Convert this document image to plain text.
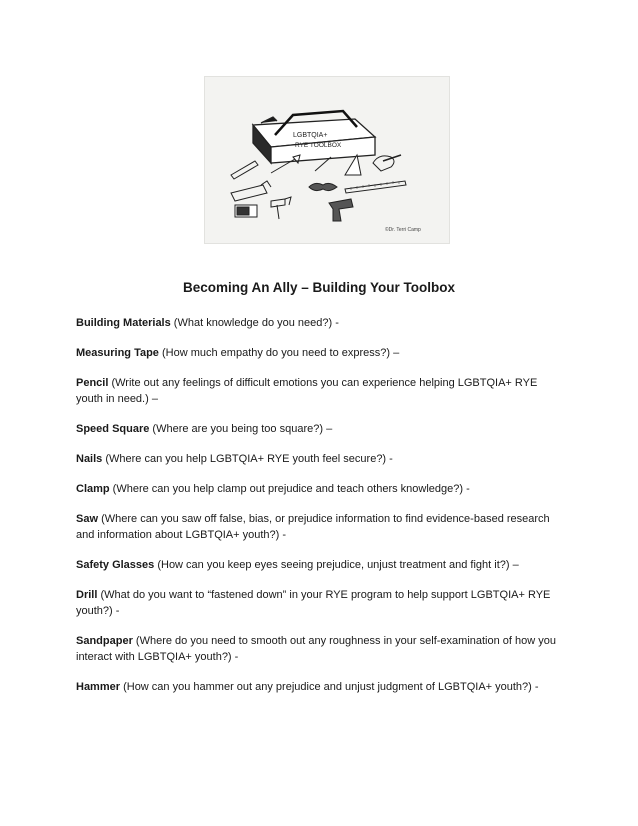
LGBTQIA+
RYE TOOLBOX
©Dr. Terri Camp
Becoming An Ally – Building Your Toolbox

Building Materials (What knowledge do you need?) -

Measuring Tape (How much empathy do you need to express?) –

Pencil (Write out any feelings of difficult emotions you can experience helping LGBTQIA+ RYE youth in need.) –

Speed Square (Where are you being too square?) –

Nails (Where can you help LGBTQIA+ RYE youth feel secure?) -

Clamp (Where can you help clamp out prejudice and teach others knowledge?) -

Saw (Where can you saw off false, bias, or prejudice information to find evidence-based research and information about LGBTQIA+ youth?) -

Safety Glasses (How can you keep eyes seeing prejudice, unjust treatment and fight it?) –

Drill (What do you want to “fastened down” in your RYE program to help support LGBTQIA+ RYE youth?) -

Sandpaper (Where do you need to smooth out any roughness in your self-examination of how you interact with LGBTQIA+ youth?) -

Hammer (How can you hammer out any prejudice and unjust judgment of LGBTQIA+ youth?) -
